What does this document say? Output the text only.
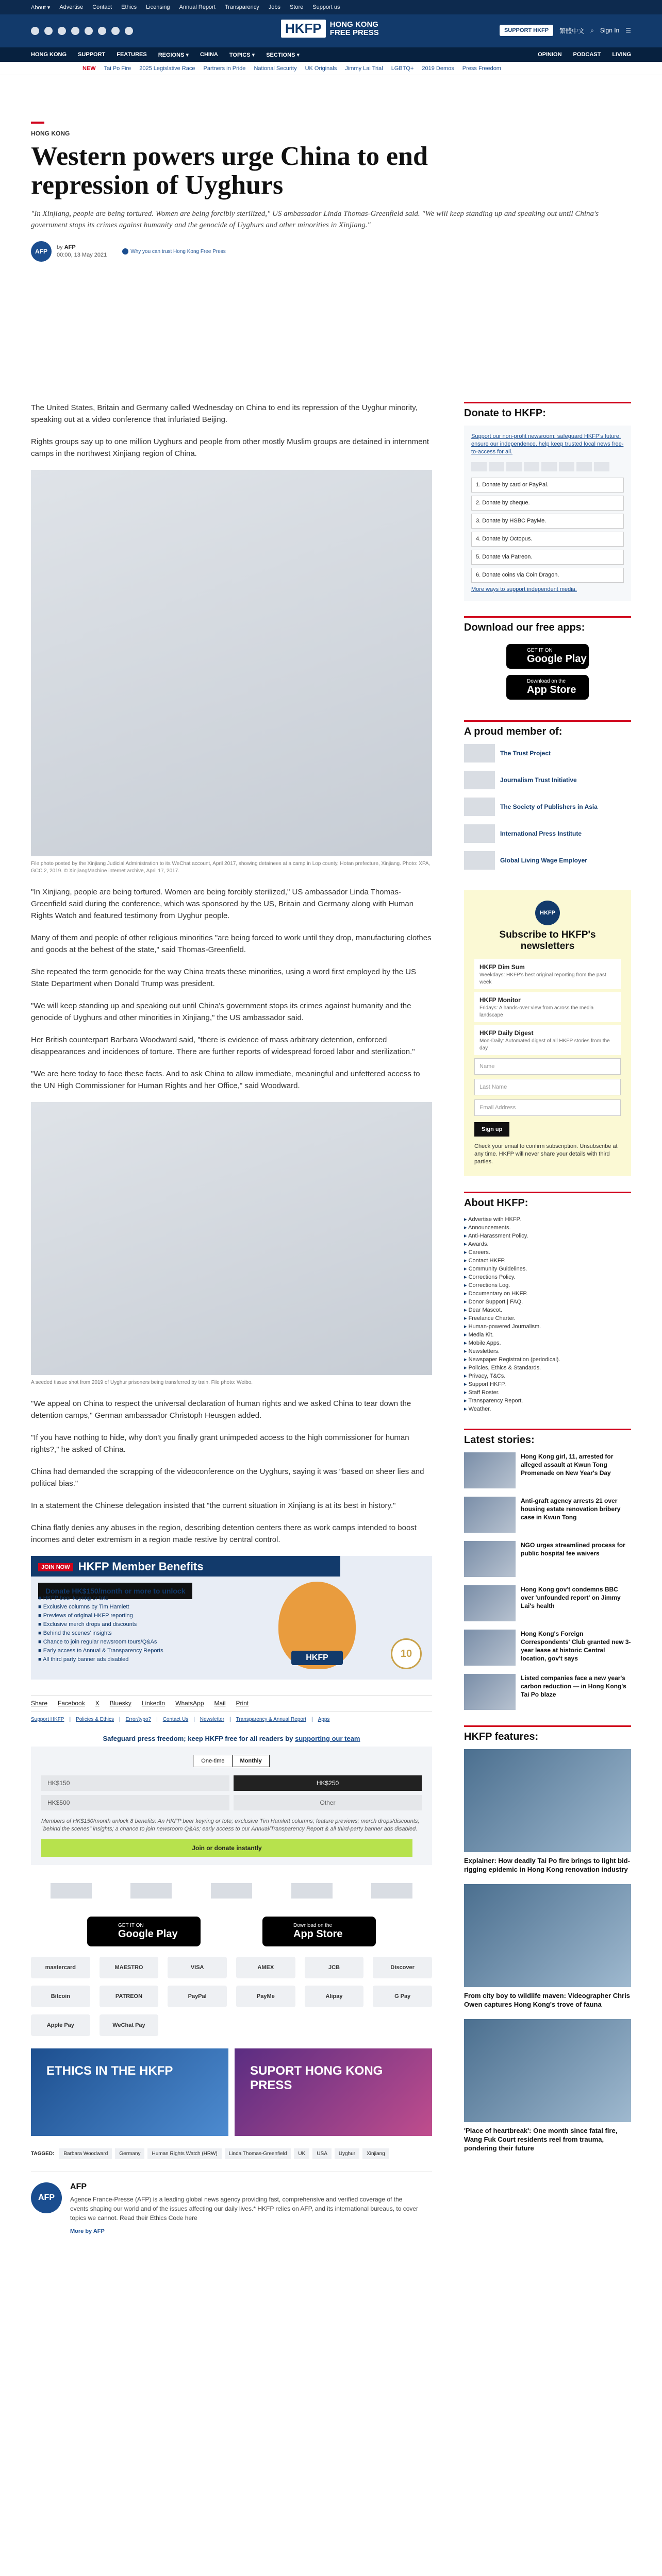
About ▾ Advertise Contact Ethics Licensing Annual Report Transparency Jobs Store Support us
HKFP	HONG KONG
FREE PRESS	SUPPORT HKFP	繁體中文 ⌕ Sign In ☰
HONG KONG SUPPORT FEATURES REGIONS ▾ CHINA TOPICS ▾ SECTIONS ▾	OPINION PODCAST LIVING
NEW Tai Po Fire 2025 Legislative Race Partners in Pride National Security UK Originals Jimmy Lai Trial LGBTQ+ 2019 Demos Press Freedom
HONG KONG
Western powers urge China to end repression of Uyghurs
"In Xinjiang, people are being tortured. Women are being forcibly sterilized," US ambassador Linda Thomas-Greenfield said. "We will keep standing up and speaking out until China's government stops its crimes against humanity and the genocide of Uyghurs and other minorities in Xinjiang."
AFP
by AFP
00:00, 13 May 2021
Why you can trust Hong Kong Free Press

The United States, Britain and Germany called Wednesday on China to end its repression of the Uyghur minority, speaking out at a video conference that infuriated Beijing.

Rights groups say up to one million Uyghurs and people from other mostly Muslim groups are detained in internment camps in the northwest Xinjiang region of China.

File photo posted by the Xinjiang Judicial Administration to its WeChat account, April 2017, showing detainees at a camp in Lop county, Hotan prefecture, Xinjiang. Photo: XPA, GCC 2, 2019. © XinjiangMachine internet archive, April 17, 2017.

"In Xinjiang, people are being tortured. Women are being forcibly sterilized," US ambassador Linda Thomas-Greenfield said during the conference, which was sponsored by the US, Britain and Germany along with Human Rights Watch and featured testimony from Uyghur people.

Many of them and people of other religious minorities "are being forced to work until they drop, manufacturing clothes and goods at the behest of the state," said Thomas-Greenfield.

She repeated the term genocide for the way China treats these minorities, using a word first employed by the US State Department when Donald Trump was president.

"We will keep standing up and speaking out until China's government stops its crimes against humanity and the genocide of Uyghurs and other minorities in Xinjiang," the US ambassador said.

Her British counterpart Barbara Woodward said, "there is evidence of mass arbitrary detention, enforced disappearances and incidences of torture. There are further reports of widespread forced labor and sterilization."

"We are here today to face these facts. And to ask China to allow immediate, meaningful and unfettered access to the UN High Commissioner for Human Rights and her Office," said Woodward.

A seeded tissue shot from 2019 of Uyghur prisoners being transferred by train. File photo: Weibo.

"We appeal on China to respect the universal declaration of human rights and we asked China to tear down the detention camps," German ambassador Christoph Heusgen added.

"If you have nothing to hide, why don't you finally grant unimpeded access to the high commissioner for human rights?," he asked of China.

China had demanded the scrapping of the videoconference on the Uyghurs, saying it was "based on sheer lies and political bias."

In a statement the Chinese delegation insisted that "the current situation in Xinjiang is at its best in history."

China flatly denies any abuses in the region, describing detention centers there as work camps intended to boost incomes and deter extremism in a region made restive by central control.

JOIN NOW HKFP Member Benefits
Donate HK$150/month or more to unlock
■ HKFP beer keyring or tote
■ Exclusive columns by Tim Hamlett
■ Previews of original HKFP reporting
■ Exclusive merch drops and discounts
■ Behind the scenes' insights
■ Chance to join regular newsroom tours/Q&As
■ Early access to Annual & Transparency Reports
■ All third party banner ads disabled	HKFP	10
Share Facebook X Bluesky LinkedIn WhatsApp Mail Print
Support HKFP | Policies & Ethics | Error/typo? | Contact Us | Newsletter | Transparency & Annual Report | Apps
Safeguard press freedom; keep HKFP free for all readers by supporting our team
One-time	Monthly
HK$150	HK$250
HK$500	Other
Members of HK$150/month unlock 8 benefits: An HKFP beer keyring or tote; exclusive Tim Hamlett columns; feature previews; merch drops/discounts; "behind the scenes" insights; a chance to join newsroom Q&As; early access to our Annual/Transparency Report & all third-party banner ads disabled.
Join or donate instantly
GET IT ON
Google Play
Download on the
App Store
mastercard	MAESTRO	VISA	AMEX	JCB	Discover
Bitcoin	PATREON	PayPal	PayMe	Alipay	G Pay
Apple Pay	WeChat Pay
ETHICS IN THE HKFP	SUPORT HONG KONG PRESS
TAGGED:	Barbara Woodward	Germany	Human Rights Watch (HRW)	Linda Thomas-Greenfield	UK	USA	Uyghur	Xinjiang
AFP
AFP
Agence France-Presse (AFP) is a leading global news agency providing fast, comprehensive and verified coverage of the events shaping our world and of the issues affecting our daily lives.* HKFP relies on AFP, and its international bureaus, to cover topics we cannot. Read their Ethics Code here
More by AFP
Donate to HKFP:
Support our non-profit newsroom: safeguard HKFP's future, ensure our independence, help keep trusted local news free-to-access for all.
1. Donate by card or PayPal.
2. Donate by cheque.
3. Donate by HSBC PayMe.
4. Donate by Octopus.
5. Donate via Patreon.
6. Donate coins via Coin Dragon.
More ways to support independent media.
Download our free apps:
GET IT ON
Google Play
Download on the
App Store
A proud member of:
The Trust Project
Journalism Trust Initiative
The Society of Publishers in Asia
International Press Institute
Global Living Wage Employer
HKFP
Subscribe to HKFP's newsletters
HKFP Dim Sum
Weekdays: HKFP's best original reporting from the past week
HKFP Monitor
Fridays: A hands-over view from across the media landscape
HKFP Daily Digest
Mon-Daily: Automated digest of all HKFP stories from the day
Name
Last Name
Email Address
Sign up

Check your email to confirm subscription. Unsubscribe at any time. HKFP will never share your details with third parties.

About HKFP:
▸ Advertise with HKFP.
▸ Announcements.
▸ Anti-Harassment Policy.
▸ Awards.
▸ Careers.
▸ Contact HKFP.
▸ Community Guidelines.
▸ Corrections Policy.
▸ Corrections Log.
▸ Documentary on HKFP.
▸ Donor Support | FAQ.
▸ Dear Mascot.
▸ Freelance Charter.
▸ Human-powered Journalism.
▸ Media Kit.
▸ Mobile Apps.
▸ Newsletters.
▸ Newspaper Registration (periodical).
▸ Policies, Ethics & Standards.
▸ Privacy, T&Cs.
▸ Support HKFP.
▸ Staff Roster.
▸ Transparency Report.
▸ Weather.
Latest stories:
Hong Kong girl, 11, arrested for alleged assault at Kwun Tong Promenade on New Year's Day
Anti-graft agency arrests 21 over housing estate renovation bribery case in Kwun Tong
NGO urges streamlined process for public hospital fee waivers
Hong Kong gov't condemns BBC over 'unfounded report' on Jimmy Lai's health
Hong Kong's Foreign Correspondents' Club granted new 3-year lease at historic Central location, gov't says
Listed companies face a new year's carbon reduction — in Hong Kong's Tai Po blaze
HKFP features:
Explainer: How deadly Tai Po fire brings to light bid-rigging epidemic in Hong Kong renovation industry
From city boy to wildlife maven: Videographer Chris Owen captures Hong Kong's trove of fauna
'Place of heartbreak': One month since fatal fire, Wang Fuk Court residents reel from trauma, pondering their future
